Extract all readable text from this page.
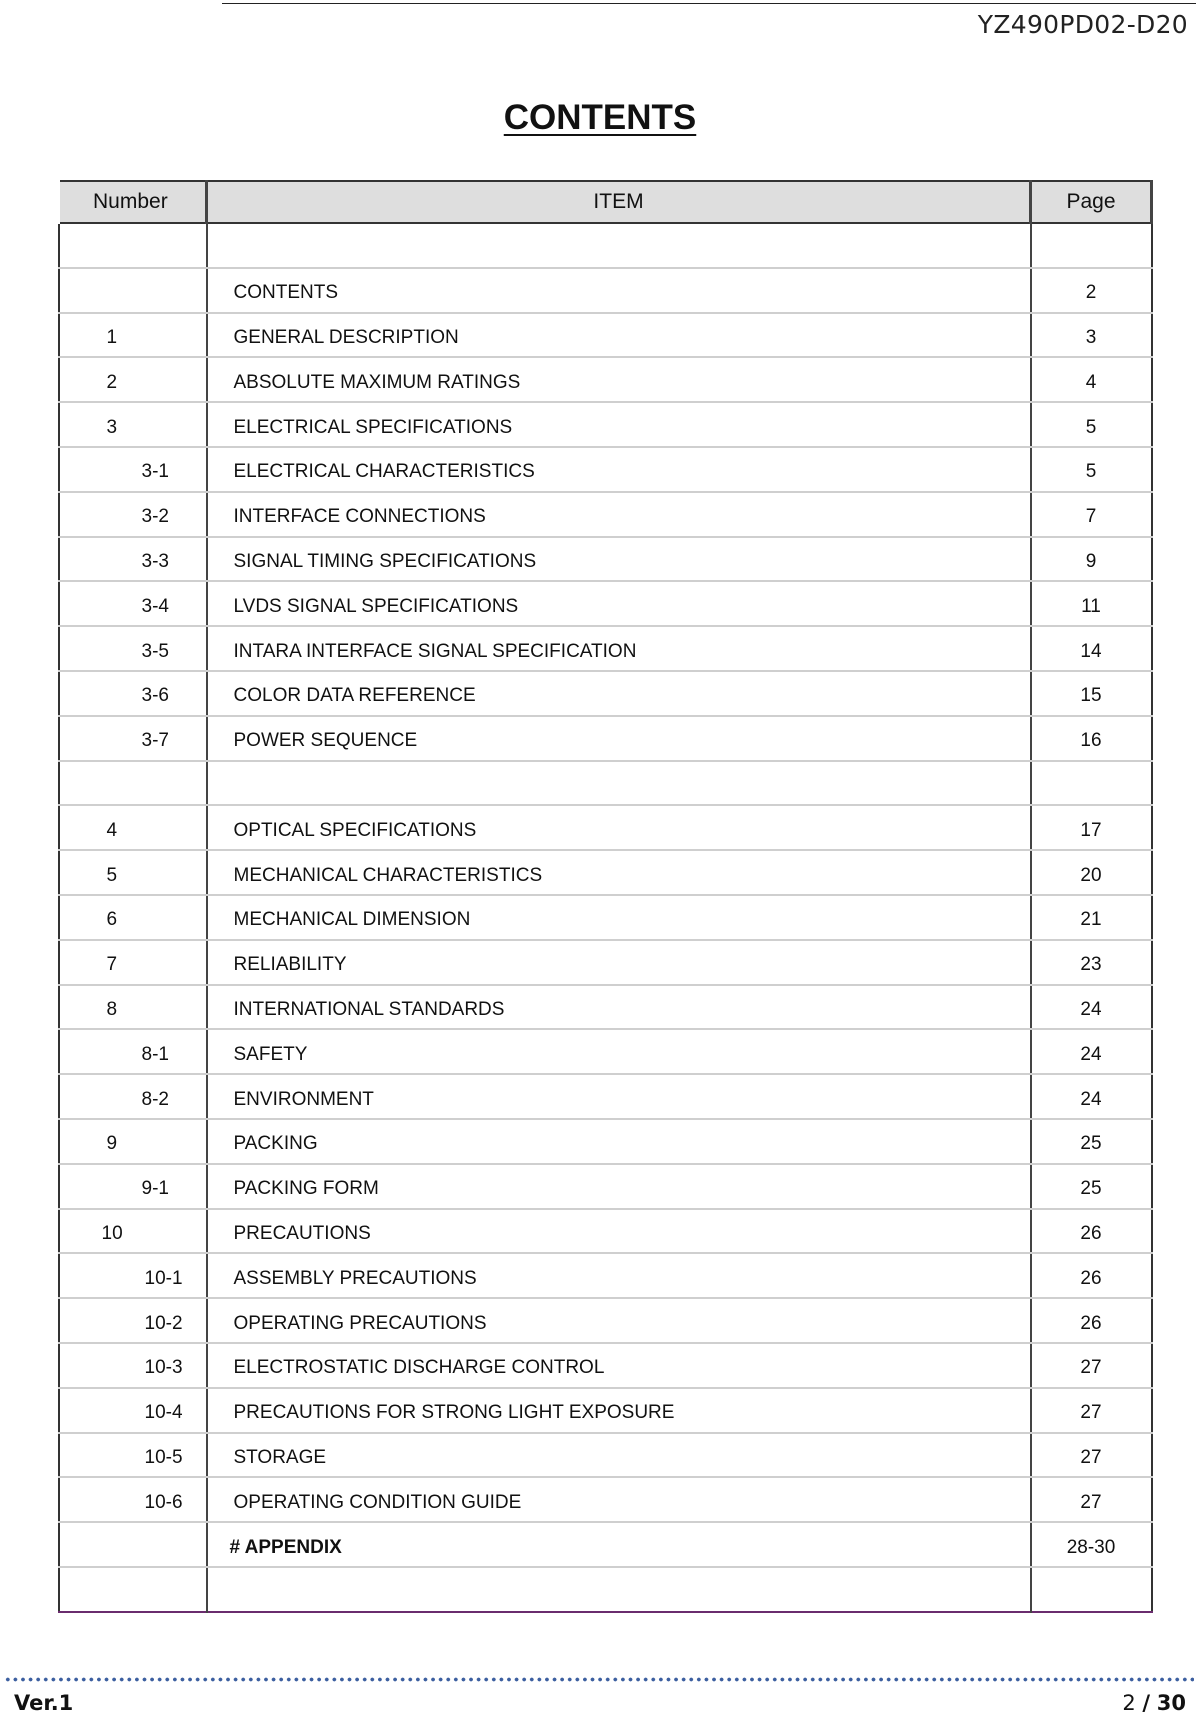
YZ490PD02-D20
CONTENTS
Number	ITEM	Page

	CONTENTS	2
1	GENERAL DESCRIPTION	3
2	ABSOLUTE MAXIMUM RATINGS	4
3	ELECTRICAL SPECIFICATIONS	5
3-1	ELECTRICAL CHARACTERISTICS	5
3-2	INTERFACE CONNECTIONS	7
3-3	SIGNAL TIMING SPECIFICATIONS	9
3-4	LVDS SIGNAL SPECIFICATIONS	11
3-5	INTARA INTERFACE SIGNAL SPECIFICATION	14
3-6	COLOR DATA REFERENCE	15
3-7	POWER SEQUENCE	16

4	OPTICAL SPECIFICATIONS	17
5	MECHANICAL CHARACTERISTICS	20
6	MECHANICAL DIMENSION	21
7	RELIABILITY	23
8	INTERNATIONAL STANDARDS	24
8-1	SAFETY	24
8-2	ENVIRONMENT	24
9	PACKING	25
9-1	PACKING FORM	25
10	PRECAUTIONS	26
10-1	ASSEMBLY PRECAUTIONS	26
10-2	OPERATING PRECAUTIONS	26
10-3	ELECTROSTATIC DISCHARGE CONTROL	27
10-4	PRECAUTIONS FOR STRONG LIGHT EXPOSURE	27
10-5	STORAGE	27
10-6	OPERATING CONDITION GUIDE	27
	# APPENDIX	28-30

Ver.1	2 / 30
